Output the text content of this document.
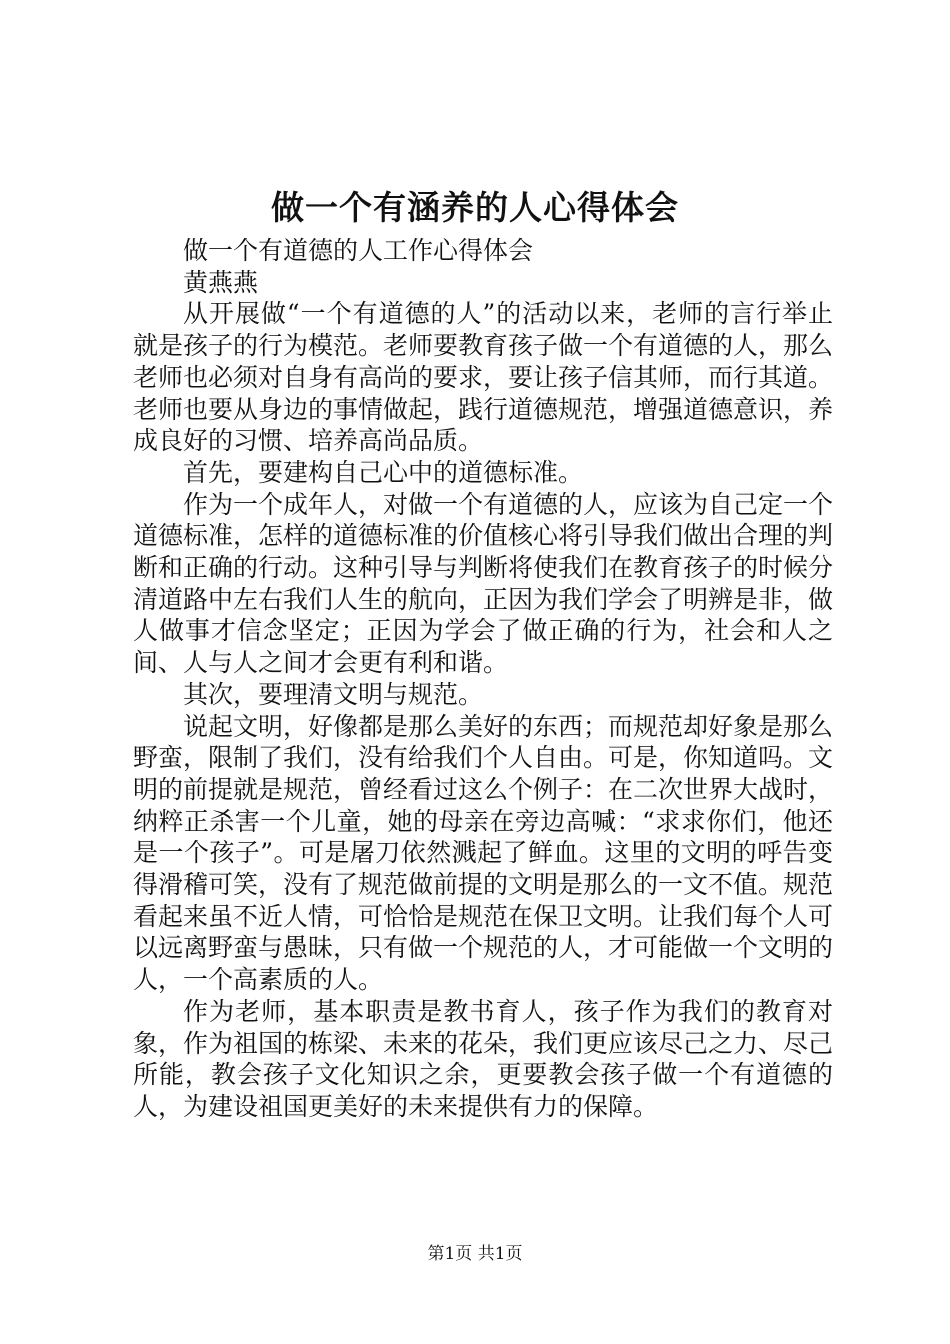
做一个有涵养的人心得体会

做一个有道德的人工作心得体会

黄燕燕

从开展做“一个有道德的人”的活动以来，老师的言行举止就是孩子的行为模范。老师要教育孩子做一个有道德的人，那么老师也必须对自身有高尚的要求，要让孩子信其师，而行其道。老师也要从身边的事情做起，践行道德规范，增强道德意识，养成良好的习惯、培养高尚品质。

首先，要建构自己心中的道德标准。

作为一个成年人，对做一个有道德的人，应该为自己定一个道德标准，怎样的道德标准的价值核心将引导我们做出合理的判断和正确的行动。这种引导与判断将使我们在教育孩子的时候分清道路中左右我们人生的航向，正因为我们学会了明辨是非，做人做事才信念坚定；正因为学会了做正确的行为，社会和人之间、人与人之间才会更有利和谐。

其次，要理清文明与规范。

说起文明，好像都是那么美好的东西；而规范却好象是那么野蛮，限制了我们，没有给我们个人自由。可是，你知道吗。文明的前提就是规范，曾经看过这么个例子：在二次世界大战时，纳粹正杀害一个儿童，她的母亲在旁边高喊：“求求你们，他还是一个孩子”。可是屠刀依然溅起了鲜血。这里的文明的呼告变得滑稽可笑，没有了规范做前提的文明是那么的一文不值。规范看起来虽不近人情，可恰恰是规范在保卫文明。让我们每个人可以远离野蛮与愚昧，只有做一个规范的人，才可能做一个文明的人，一个高素质的人。

作为老师，基本职责是教书育人，孩子作为我们的教育对象，作为祖国的栋梁、未来的花朵，我们更应该尽己之力、尽己所能，教会孩子文化知识之余，更要教会孩子做一个有道德的人，为建设祖国更美好的未来提供有力的保障。

第1页 共1页
